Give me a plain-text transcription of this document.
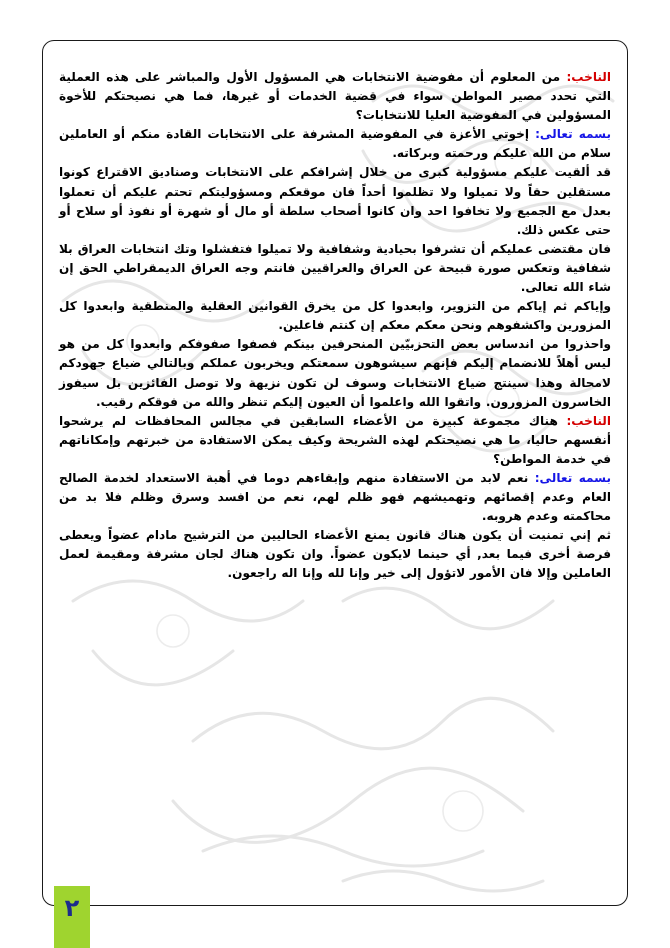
الناخب: من المعلوم أن مفوضية الانتخابات هي المسؤول الأول والمباشر على هذه العملية التي تحدد مصير المواطن سواء في قضية الخدمات أو غيرها، فما هي نصيحتكم للأخوة المسؤولين في المفوضية العليا للانتخابات؟

بسمه تعالى: إخوتي الأعزة في المفوضية المشرفة على الانتخابات القادة منكم أو العاملين سلام من الله عليكم ورحمته وبركاته.

قد ألقيت عليكم مسؤولية كبرى من خلال إشرافكم على الانتخابات وصناديق الاقتراع كونوا مستقلين حقاً ولا تميلوا ولا تظلموا أحداً فان موقعكم ومسؤوليتكم تحتم عليكم أن تعملوا بعدل مع الجميع ولا تخافوا احد وان كانوا أصحاب سلطة أو مال أو شهرة أو نفوذ أو سلاح أو حتى عكس ذلك.

فان مقتضى عمليكم أن تشرفوا بحيادية وشفافية ولا تميلوا فتفشلوا وتك انتخابات العراق بلا شفافية وتعكس صورة قبيحة عن العراق والعراقيين فانتم وجه العراق الديمقراطي الحق إن شاء الله تعالى.

وإياكم ثم إياكم من التزوير، وابعدوا كل من يخرق القوانين العقلية والمنطقية وابعدوا كل المزورين واكشفوهم ونحن معكم معكم إن كنتم فاعلين.

واحذروا من اندساس بعض التحزبيّين المنحرفين بينكم فصفوا صفوفكم وابعدوا كل من هو ليس أهلاً للانضمام إليكم فإنهم سيشوهون سمعتكم ويخربون عملكم وبالتالي ضياع جهودكم لامحالة وهذا سينتج ضياع الانتخابات وسوف لن تكون نزيهة ولا توصل الفائزين بل سيفوز الخاسرون المزورون. واتقوا الله واعلموا أن العيون إليكم تنظر والله من فوقكم رقيب.

الناخب: هناك مجموعة كبيرة من الأعضاء السابقين في مجالس المحافظات لم يرشحوا أنفسهم حاليا، ما هي نصيحتكم لهذه الشريحة وكيف يمكن الاستفادة من خبرتهم وإمكاناتهم في خدمة المواطن؟

بسمه تعالى: نعم لابد من الاستفادة منهم وإبقاءهم دوما في أهبة الاستعداد لخدمة الصالح العام وعدم إقصائهم وتهميشهم فهو ظلم لهم، نعم من افسد وسرق وظلم فلا بد من محاكمته وعدم هروبه.

ثم إني تمنيت أن يكون هناك قانون يمنع الأعضاء الحاليين من الترشيح مادام عضواً ويعطى فرصة أخرى فيما بعد, أي حينما لايكون عضواً. وان تكون هناك لجان مشرفة ومقيمة لعمل العاملين وإلا فان الأمور لاتؤول إلى خير وإنا لله وإنا اله راجعون.

٢
